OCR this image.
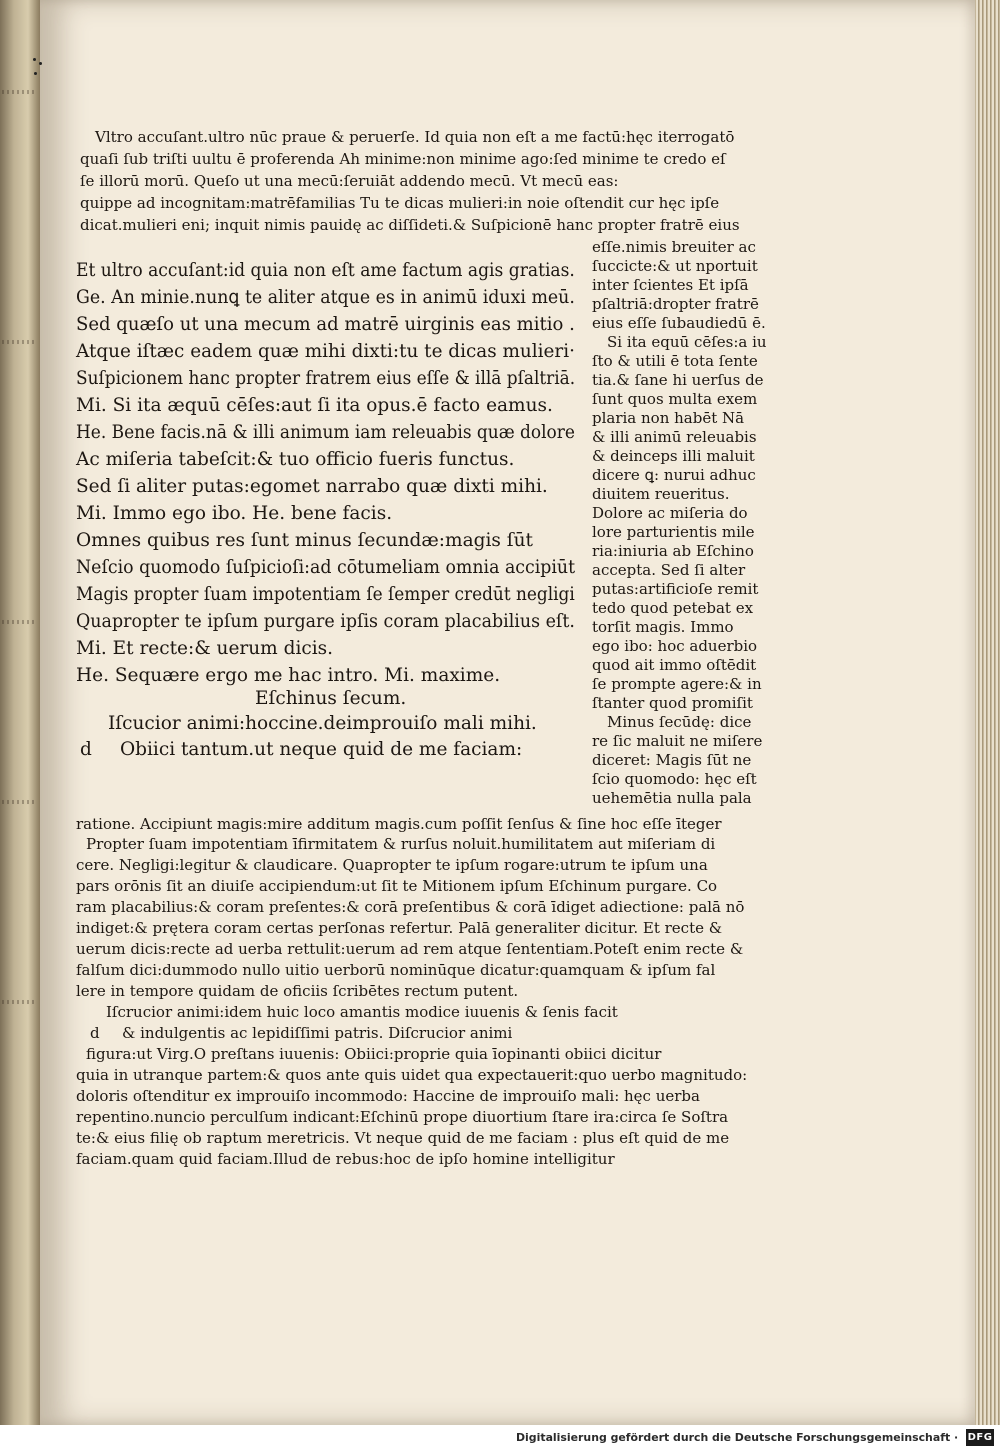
Vltro accuſant.ultro nūc praue & peruerſe. Id quia non eſt a me factū:hęc iterrogatō
quaſi ſub triſti uultu ē proferenda Ah minime:non minime ago:ſed minime te credo eſ
ſe illorū morū. Queſo ut una mecū:ſeruiāt addendo mecū. Vt mecū eas:
quippe ad incognitam:matrēfamilias Tu te dicas mulieri:in noie oſtendit cur hęc ipſe
dicat.mulieri eni; inquit nimis pauidę ac diſſideti.& Suſpicionē hanc propter fratrē eius
Et ultro accuſant:id quia non eſt ame factum agis gratias.
Ge. An minie.nunꝗ te aliter atque es in animū iduxi meū.
Sed quæſo ut una mecum ad matrē uirginis eas mitio .
Atque iſtæc eadem quæ mihi dixti:tu te dicas mulieri·
Suſpicionem hanc propter fratrem eius eſſe & illā pſaltriā.
Mi. Si ita æquū cēſes:aut ſi ita opus.ē facto eamus.
He. Bene facis.nā & illi animum iam releuabis quæ dolore
Ac miſeria tabeſcit:& tuo officio fueris functus.
Sed ſi aliter putas:egomet narrabo quæ dixti mihi.
Mi. Immo ego ibo. He. bene facis.
Omnes quibus res ſunt minus ſecundæ:magis ſūt
Neſcio quomodo ſuſpicioſi:ad cōtumeliam omnia accipiūt
Magis propter ſuam impotentiam ſe ſemper credūt negligi
Quapropter te ipſum purgare ipſis coram placabilius eſt.
Mi. Et recte:& uerum dicis.
He. Sequære ergo me hac intro. Mi. maxime.
Eſchinus ſecum.
Iſcucior animi:hoccine.deimprouiſo mali mihi.
d Obiici tantum.ut neque quid de me faciam:
eſſe.nimis breuiter ac
ſuccicte:& ut nportuit
inter ſcientes Et ipſā
pſaltriā:dropter fratrē
eius eſſe ſubaudiedū ē.
Si ita equū cēſes:a iu
ſto & utili ē tota ſente
tia.& ſane hi uerſus de
ſunt quos multa exem
plaria non habēt Nā
& illi animū releuabis
& deinceps illi maluit
dicere ꝗ: nurui adhuc
diuitem reueritus.
Dolore ac miſeria do
lore parturientis mile
ria:iniuria ab Eſchino
accepta. Sed ſi alter
putas:artificioſe remit
tedo quod petebat ex
torſit magis. Immo
ego ibo: hoc aduerbio
quod ait immo oſtēdit
ſe prompte agere:& in
ſtanter quod promiſit
Minus ſecūdę: dice
re ſic maluit ne miſere
diceret: Magis ſūt ne
ſcio quomodo: hęc eſt
uehemētia nulla pala
ratione. Accipiunt magis:mire additum magis.cum poſſit ſenſus & ſine hoc eſſe īteger
Propter ſuam impotentiam īfirmitatem & rurſus noluit.humilitatem aut miſeriam di
cere. Negligi:legitur & claudicare. Quapropter te ipſum rogare:utrum te ipſum una
pars orōnis ſit an diuiſe accipiendum:ut ſit te Mitionem ipſum Eſchinum purgare. Co
ram placabilius:& coram preſentes:& corā preſentibus & corā īdiget adiectione: palā nō
indiget:& prętera coram certas perſonas refertur. Palā generaliter dicitur. Et recte &
uerum dicis:recte ad uerba rettulit:uerum ad rem atque ſententiam.Poteſt enim recte &
falſum dici:dummodo nullo uitio uerborū nominūque dicatur:quamquam & ipſum fal
lere in tempore quidam de oficiis ſcribētes rectum putent.
Iſcrucior animi:idem huic loco amantis modice iuuenis & ſenis facit
d & indulgentis ac lepidiſſimi patris. Diſcrucior animi
figura:ut Virg.O preſtans iuuenis: Obiici:proprie quia īopinanti obiici dicitur
quia in utranque partem:& quos ante quis uidet qua expectauerit:quo uerbo magnitudo:
doloris oſtenditur ex improuiſo incommodo: Haccine de improuiſo mali: hęc uerba
repentino.nuncio perculſum indicant:Eſchinū prope diuortium ſtare ira:circa ſe Soſtra
te:& eius filię ob raptum meretricis. Vt neque quid de me faciam : plus eſt quid de me
faciam.quam quid faciam.Illud de rebus:hoc de ipſo homine intelligitur
Digitalisierung gefördert durch die Deutsche Forschungsgemeinschaft · DFG
